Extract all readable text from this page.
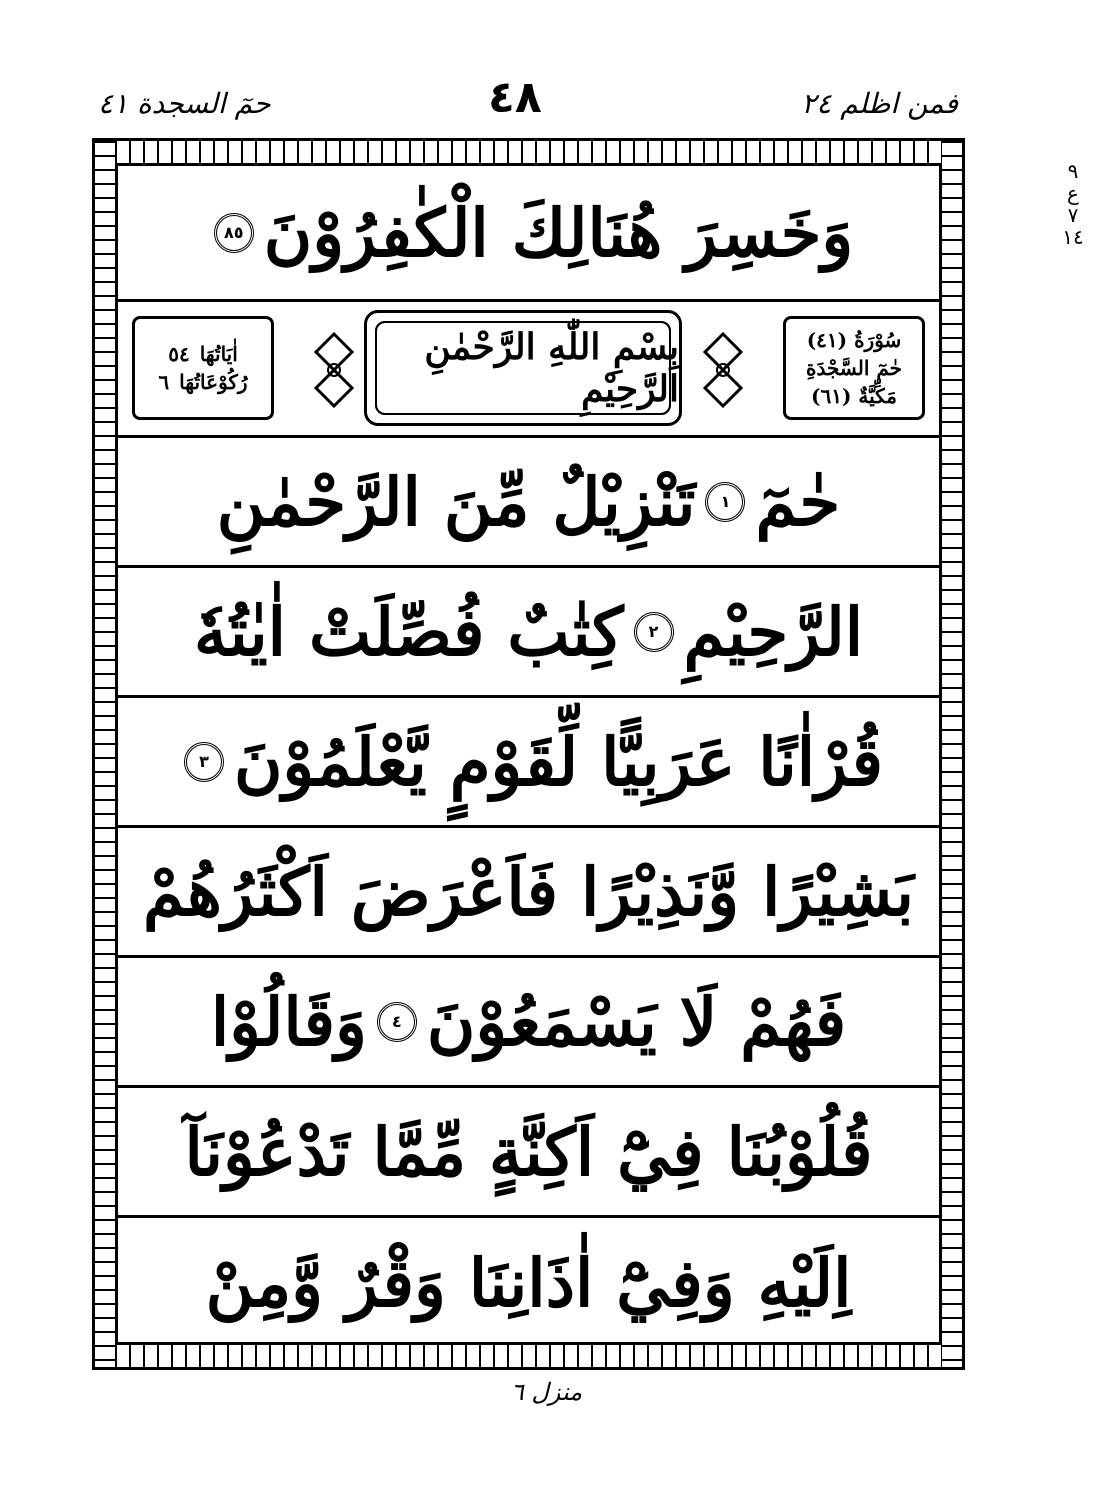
حمٓ السجدة ٤١	٤٨	فمن اظلم ٢٤
٩
ع
٧
١٤
وَخَسِرَ هُنَالِكَ الْكٰفِرُوْنَ
٨٥
سُوْرَةُ (٤١)
حٰمٓ السَّجْدَةِ
مَكِّيَّةٌ (٦١)
بِسْمِ اللّٰهِ الرَّحْمٰنِ الرَّحِيْمِ
اٰيَاتُهَا
٥٤
رُكُوْعَاتُهَا
٦
حٰمٓ
١
تَنْزِيْلٌ مِّنَ الرَّحْمٰنِ
الرَّحِيْمِ
٢
كِتٰبٌ فُصِّلَتْ اٰيٰتُهٗ
قُرْاٰنًا عَرَبِيًّا لِّقَوْمٍ يَّعْلَمُوْنَ
٣
بَشِيْرًا وَّنَذِيْرًا فَاَعْرَضَ اَكْثَرُهُمْ
فَهُمْ لَا يَسْمَعُوْنَ
٤
وَقَالُوْا
قُلُوْبُنَا فِيْٓ اَكِنَّةٍ مِّمَّا تَدْعُوْنَآ
اِلَيْهِ وَفِيْٓ اٰذَانِنَا وَقْرٌ وَّمِنْ
منزل ٦
